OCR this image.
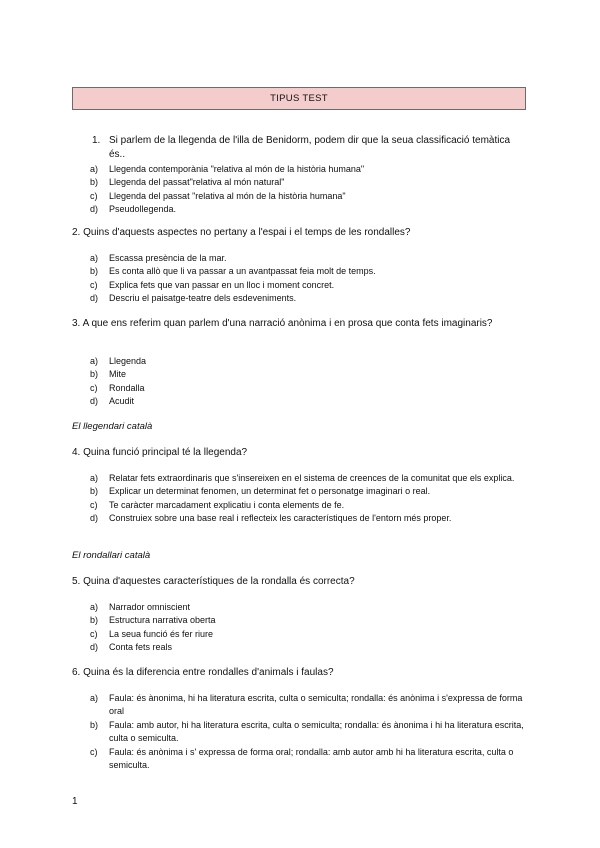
TIPUS TEST
1. Si parlem de la llegenda de l'illa de Benidorm, podem dir que la seua classificació temàtica és..
a) Llegenda contemporània "relativa al món de la història humana"
b) Llegenda del passat"relativa al món natural"
c) Llegenda del passat "relativa al món de la història humana"
d) Pseudollegenda.

2. Quins d'aquests aspectes no pertany a l'espai i el temps de les rondalles?

a) Escassa presència de la mar.
b) Es conta allò que li va passar a un avantpassat feia molt de temps.
c) Explica fets que van passar en un lloc i moment concret.
d) Descriu el paisatge-teatre dels esdeveniments.

3. A que ens referim quan parlem d'una narració anònima i en prosa que conta fets imaginaris?

a) Llegenda
b) Mite
c) Rondalla
d) Acudit

El llegendari català

4. Quina funció principal té la llegenda?

a) Relatar fets extraordinaris que s'insereixen en el sistema de creences de la comunitat que els explica.
b) Explicar un determinat fenomen, un determinat fet o personatge imaginari o real.
c) Te caràcter marcadament explicatiu i conta elements de fe.
d) Construiex sobre una base real i reflecteix les característiques de l'entorn més proper.

El rondallari català

5. Quina d'aquestes característiques de la rondalla és correcta?

a) Narrador omniscient
b) Estructura narrativa oberta
c) La seua funció és fer riure
d) Conta fets reals

6. Quina és la diferencia entre rondalles d'animals i faulas?

a) Faula: és ànonima, hi ha literatura escrita, culta o semiculta; rondalla: és anònima i s'expressa de forma oral
b) Faula: amb autor, hi ha literatura escrita, culta o semiculta; rondalla: és ànonima i hi ha literatura escrita, culta o semiculta.
c) Faula: és anònima i s' expressa de forma oral; rondalla: amb autor amb hi ha literatura escrita, culta o semiculta.
1
